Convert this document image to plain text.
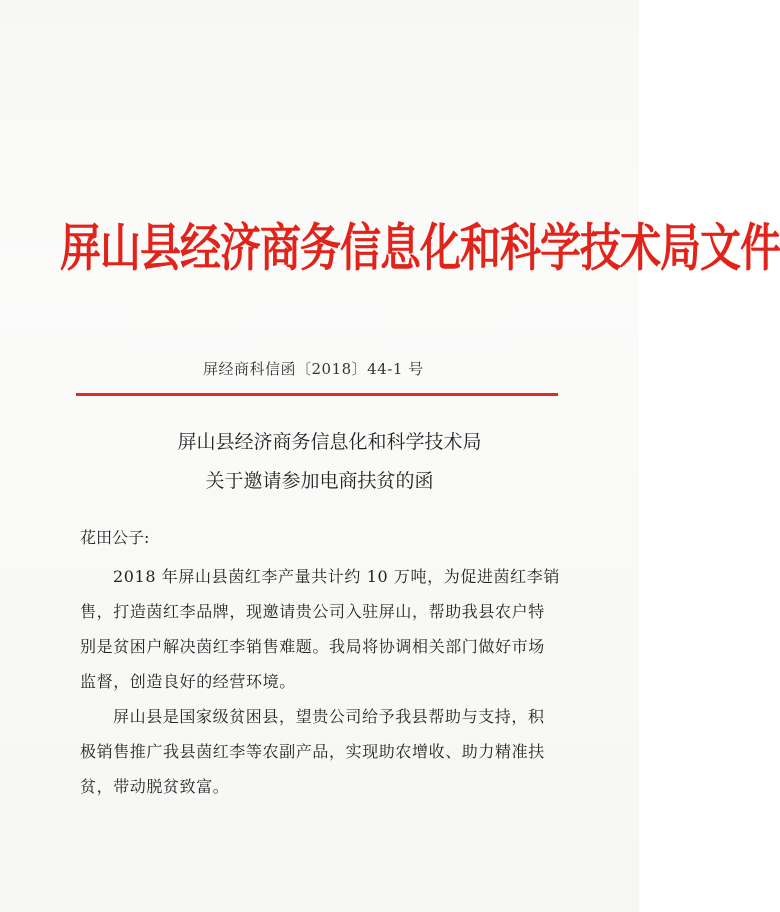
屏山县经济商务信息化和科学技术局文件
屏经商科信函〔2018〕44-1 号
屏山县经济商务信息化和科学技术局
关于邀请参加电商扶贫的函
花田公子:
2018 年屏山县茵红李产量共计约 10 万吨，为促进茵红李销
售，打造茵红李品牌，现邀请贵公司入驻屏山，帮助我县农户特
别是贫困户解决茵红李销售难题。我局将协调相关部门做好市场
监督，创造良好的经营环境。
屏山县是国家级贫困县，望贵公司给予我县帮助与支持，积
极销售推广我县茵红李等农副产品，实现助农增收、助力精准扶
贫，带动脱贫致富。
